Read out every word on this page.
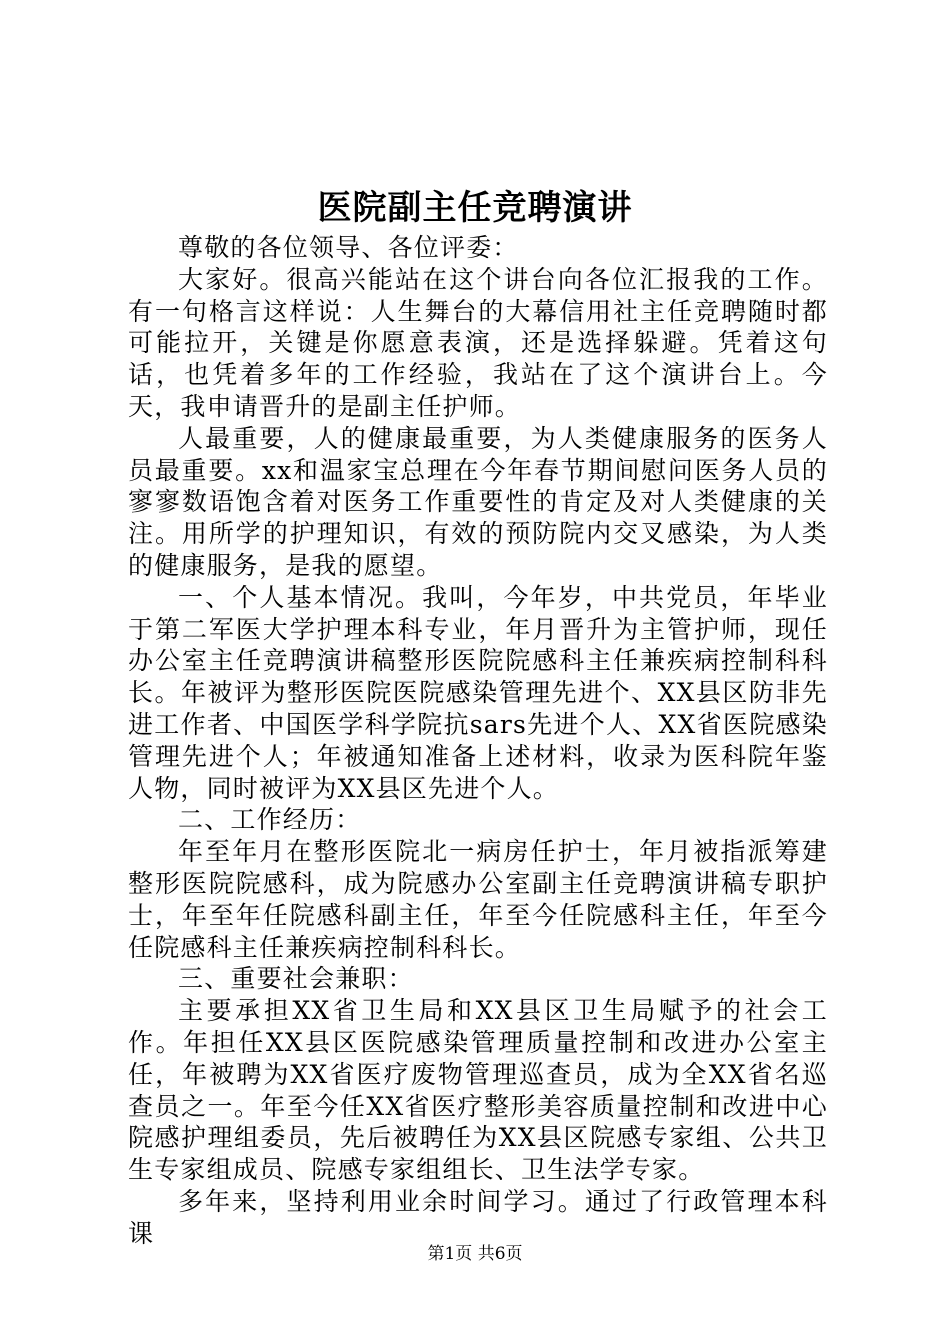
医院副主任竞聘演讲

尊敬的各位领导、各位评委：

大家好。很高兴能站在这个讲台向各位汇报我的工作。有一句格言这样说：人生舞台的大幕信用社主任竞聘随时都可能拉开，关键是你愿意表演，还是选择躲避。凭着这句话，也凭着多年的工作经验，我站在了这个演讲台上。今天，我申请晋升的是副主任护师。

人最重要，人的健康最重要，为人类健康服务的医务人员最重要。xx和温家宝总理在今年春节期间慰问医务人员的寥寥数语饱含着对医务工作重要性的肯定及对人类健康的关注。用所学的护理知识，有效的预防院内交叉感染，为人类的健康服务，是我的愿望。

一、个人基本情况。我叫，今年岁，中共党员，年毕业于第二军医大学护理本科专业，年月晋升为主管护师，现任办公室主任竞聘演讲稿整形医院院感科主任兼疾病控制科科长。年被评为整形医院医院感染管理先进个、XX县区防非先进工作者、中国医学科学院抗sars先进个人、XX省医院感染管理先进个人；年被通知准备上述材料，收录为医科院年鉴人物，同时被评为XX县区先进个人。

二、工作经历：

年至年月在整形医院北一病房任护士，年月被指派筹建整形医院院感科，成为院感办公室副主任竞聘演讲稿专职护士，年至年任院感科副主任，年至今任院感科主任，年至今任院感科主任兼疾病控制科科长。

三、重要社会兼职：

主要承担XX省卫生局和XX县区卫生局赋予的社会工作。年担任XX县区医院感染管理质量控制和改进办公室主任，年被聘为XX省医疗废物管理巡查员，成为全XX省名巡查员之一。年至今任XX省医疗整形美容质量控制和改进中心院感护理组委员，先后被聘任为XX县区院感专家组、公共卫生专家组成员、院感专家组组长、卫生法学专家。

多年来，坚持利用业余时间学习。通过了行政管理本科课

第1页 共6页
